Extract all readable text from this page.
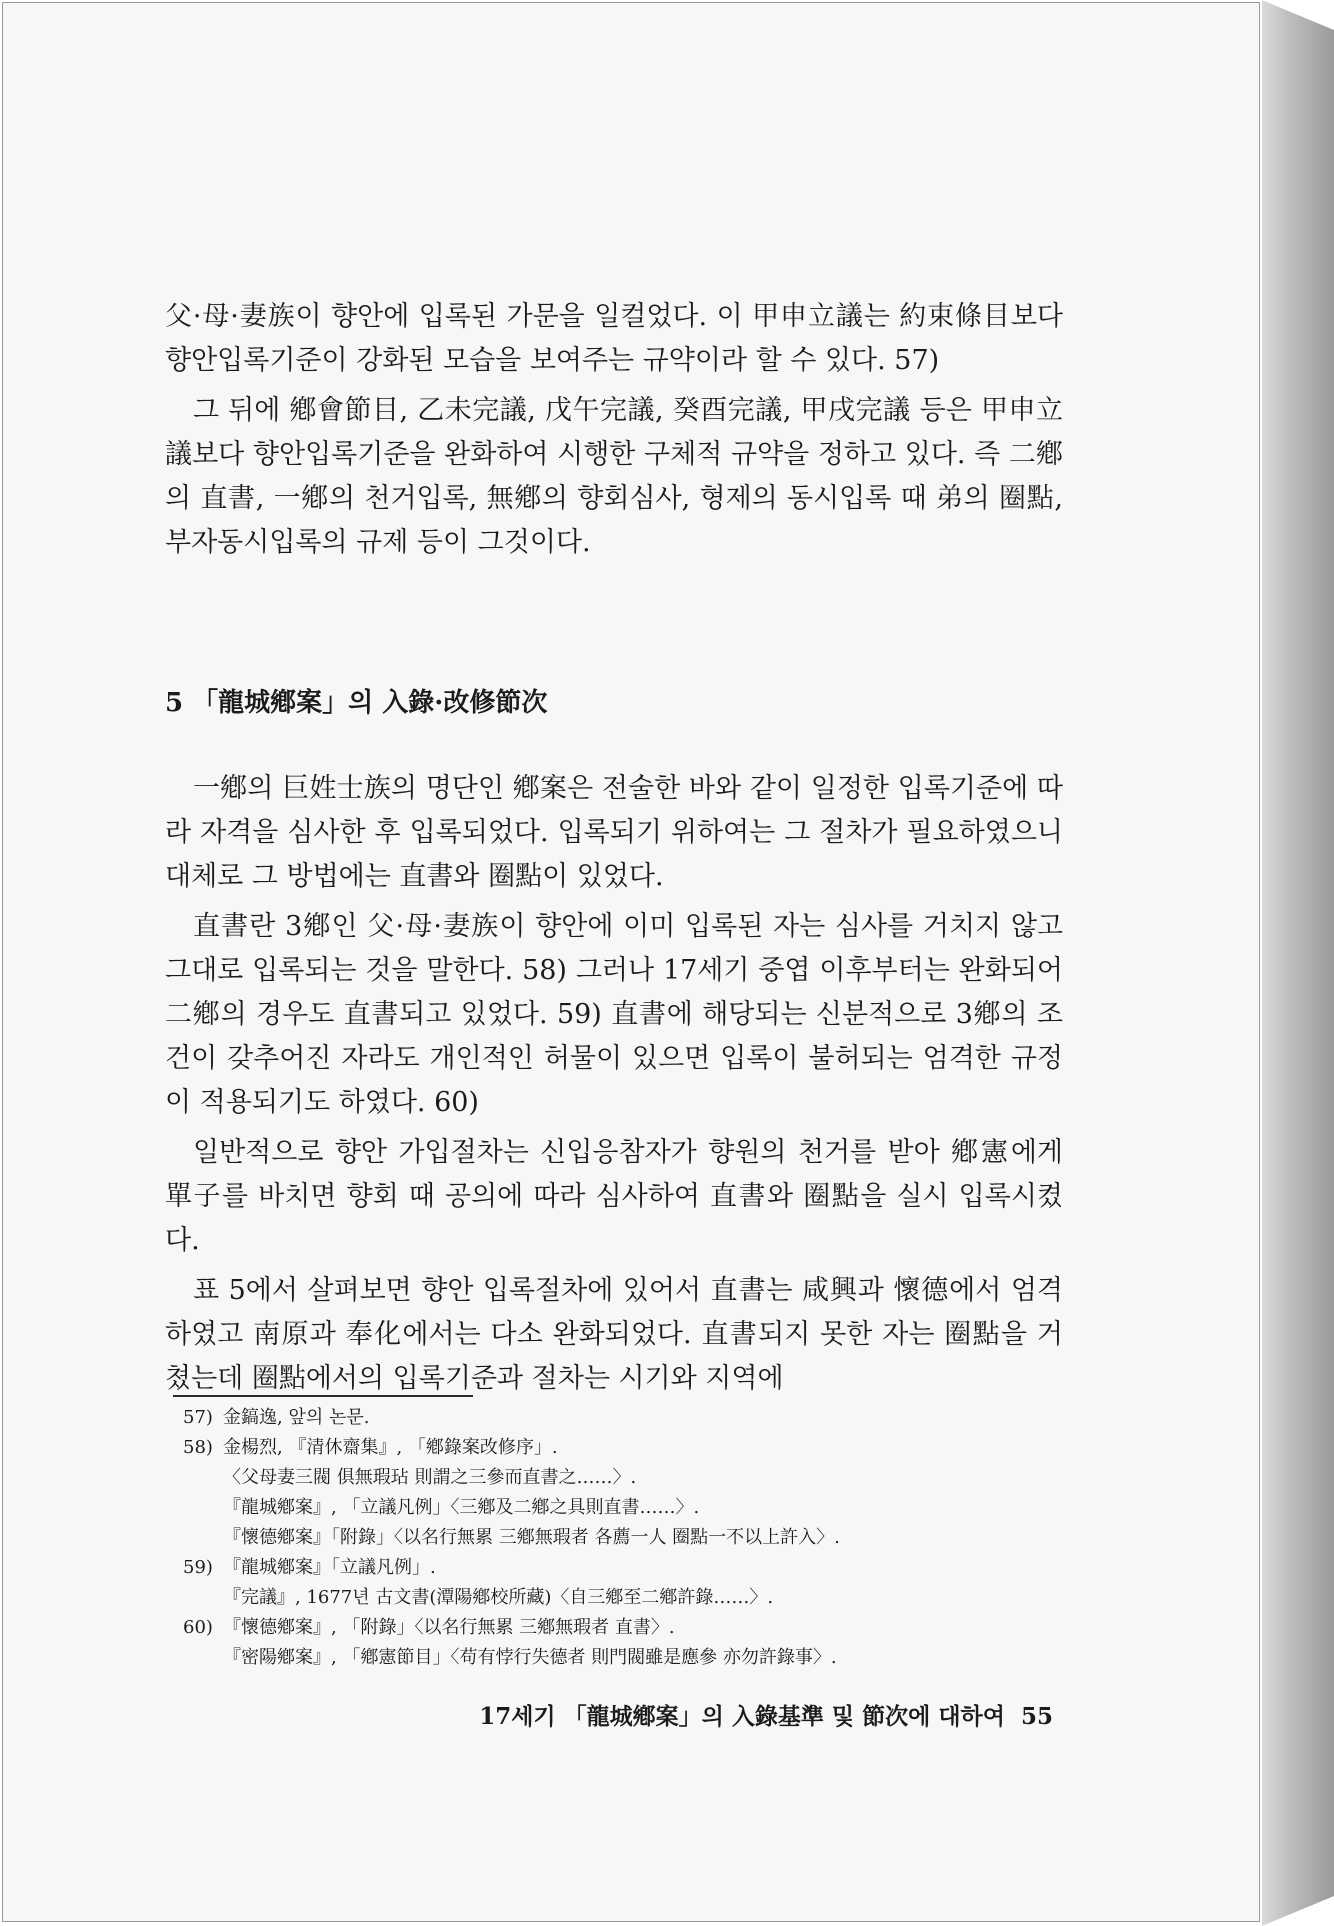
父·母·妻族이 향안에 입록된 가문을 일컬었다. 이 甲申立議는 約束條目보다 향안입록기준이 강화된 모습을 보여주는 규약이라 할 수 있다. 57)

그 뒤에 鄕會節目, 乙未完議, 戊午完議, 癸酉完議, 甲戌完議 등은 甲申立議보다 향안입록기준을 완화하여 시행한 구체적 규약을 정하고 있다. 즉 二鄕의 直書, 一鄕의 천거입록, 無鄕의 향회심사, 형제의 동시입록 때 弟의 圈點, 부자동시입록의 규제 등이 그것이다.

5 「龍城鄕案」의 入錄·改修節次

一鄕의 巨姓士族의 명단인 鄕案은 전술한 바와 같이 일정한 입록기준에 따라 자격을 심사한 후 입록되었다. 입록되기 위하여는 그 절차가 필요하였으니 대체로 그 방법에는 直書와 圈點이 있었다.

直書란 3鄕인 父·母·妻族이 향안에 이미 입록된 자는 심사를 거치지 않고 그대로 입록되는 것을 말한다. 58) 그러나 17세기 중엽 이후부터는 완화되어 二鄕의 경우도 直書되고 있었다. 59) 直書에 해당되는 신분적으로 3鄕의 조건이 갖추어진 자라도 개인적인 허물이 있으면 입록이 불허되는 엄격한 규정이 적용되기도 하였다. 60)

일반적으로 향안 가입절차는 신입응참자가 향원의 천거를 받아 鄕憲에게 單子를 바치면 향회 때 공의에 따라 심사하여 直書와 圈點을 실시 입록시켰다.

표 5에서 살펴보면 향안 입록절차에 있어서 直書는 咸興과 懷德에서 엄격하였고 南原과 奉化에서는 다소 완화되었다. 直書되지 못한 자는 圈點을 거쳤는데 圈點에서의 입록기준과 절차는 시기와 지역에

57) 金鎬逸, 앞의 논문.
58) 金楊烈, 『清休齋集』, 「鄕錄案改修序」.
〈父母妻三閥 俱無瑕玷 則謂之三參而直書之……〉.
『龍城鄕案』, 「立議凡例」〈三鄕及二鄕之具則直書……〉.
『懷德鄕案』「附錄」〈以名行無累 三鄕無瑕者 各薦一人 圈點一不以上許入〉.
59) 『龍城鄕案』「立議凡例」.
『完議』, 1677년 古文書(潭陽鄕校所藏)〈自三鄕至二鄕許錄……〉.
60) 『懷德鄕案』, 「附錄」〈以名行無累 三鄕無瑕者 直書〉.
『密陽鄕案』, 「鄕憲節目」〈苟有悖行失德者 則門閥雖是應參 亦勿許錄事〉.
17세기 「龍城鄕案」의 入錄基準 및 節次에 대하여 55
